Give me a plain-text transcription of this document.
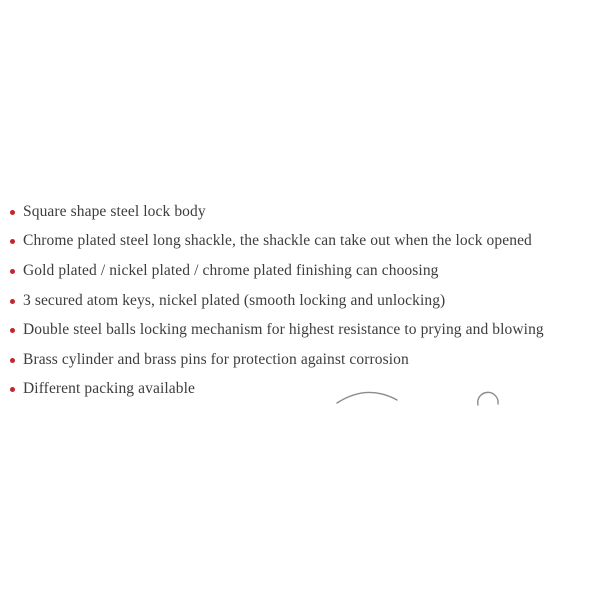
Square shape steel lock body
Chrome plated steel long shackle, the shackle can take out when the lock opened
Gold plated / nickel plated / chrome plated finishing can choosing
3 secured atom keys, nickel plated (smooth locking and unlocking)
Double steel balls locking mechanism for highest resistance to prying and blowing
Brass cylinder and brass pins for protection against corrosion
Different packing available
